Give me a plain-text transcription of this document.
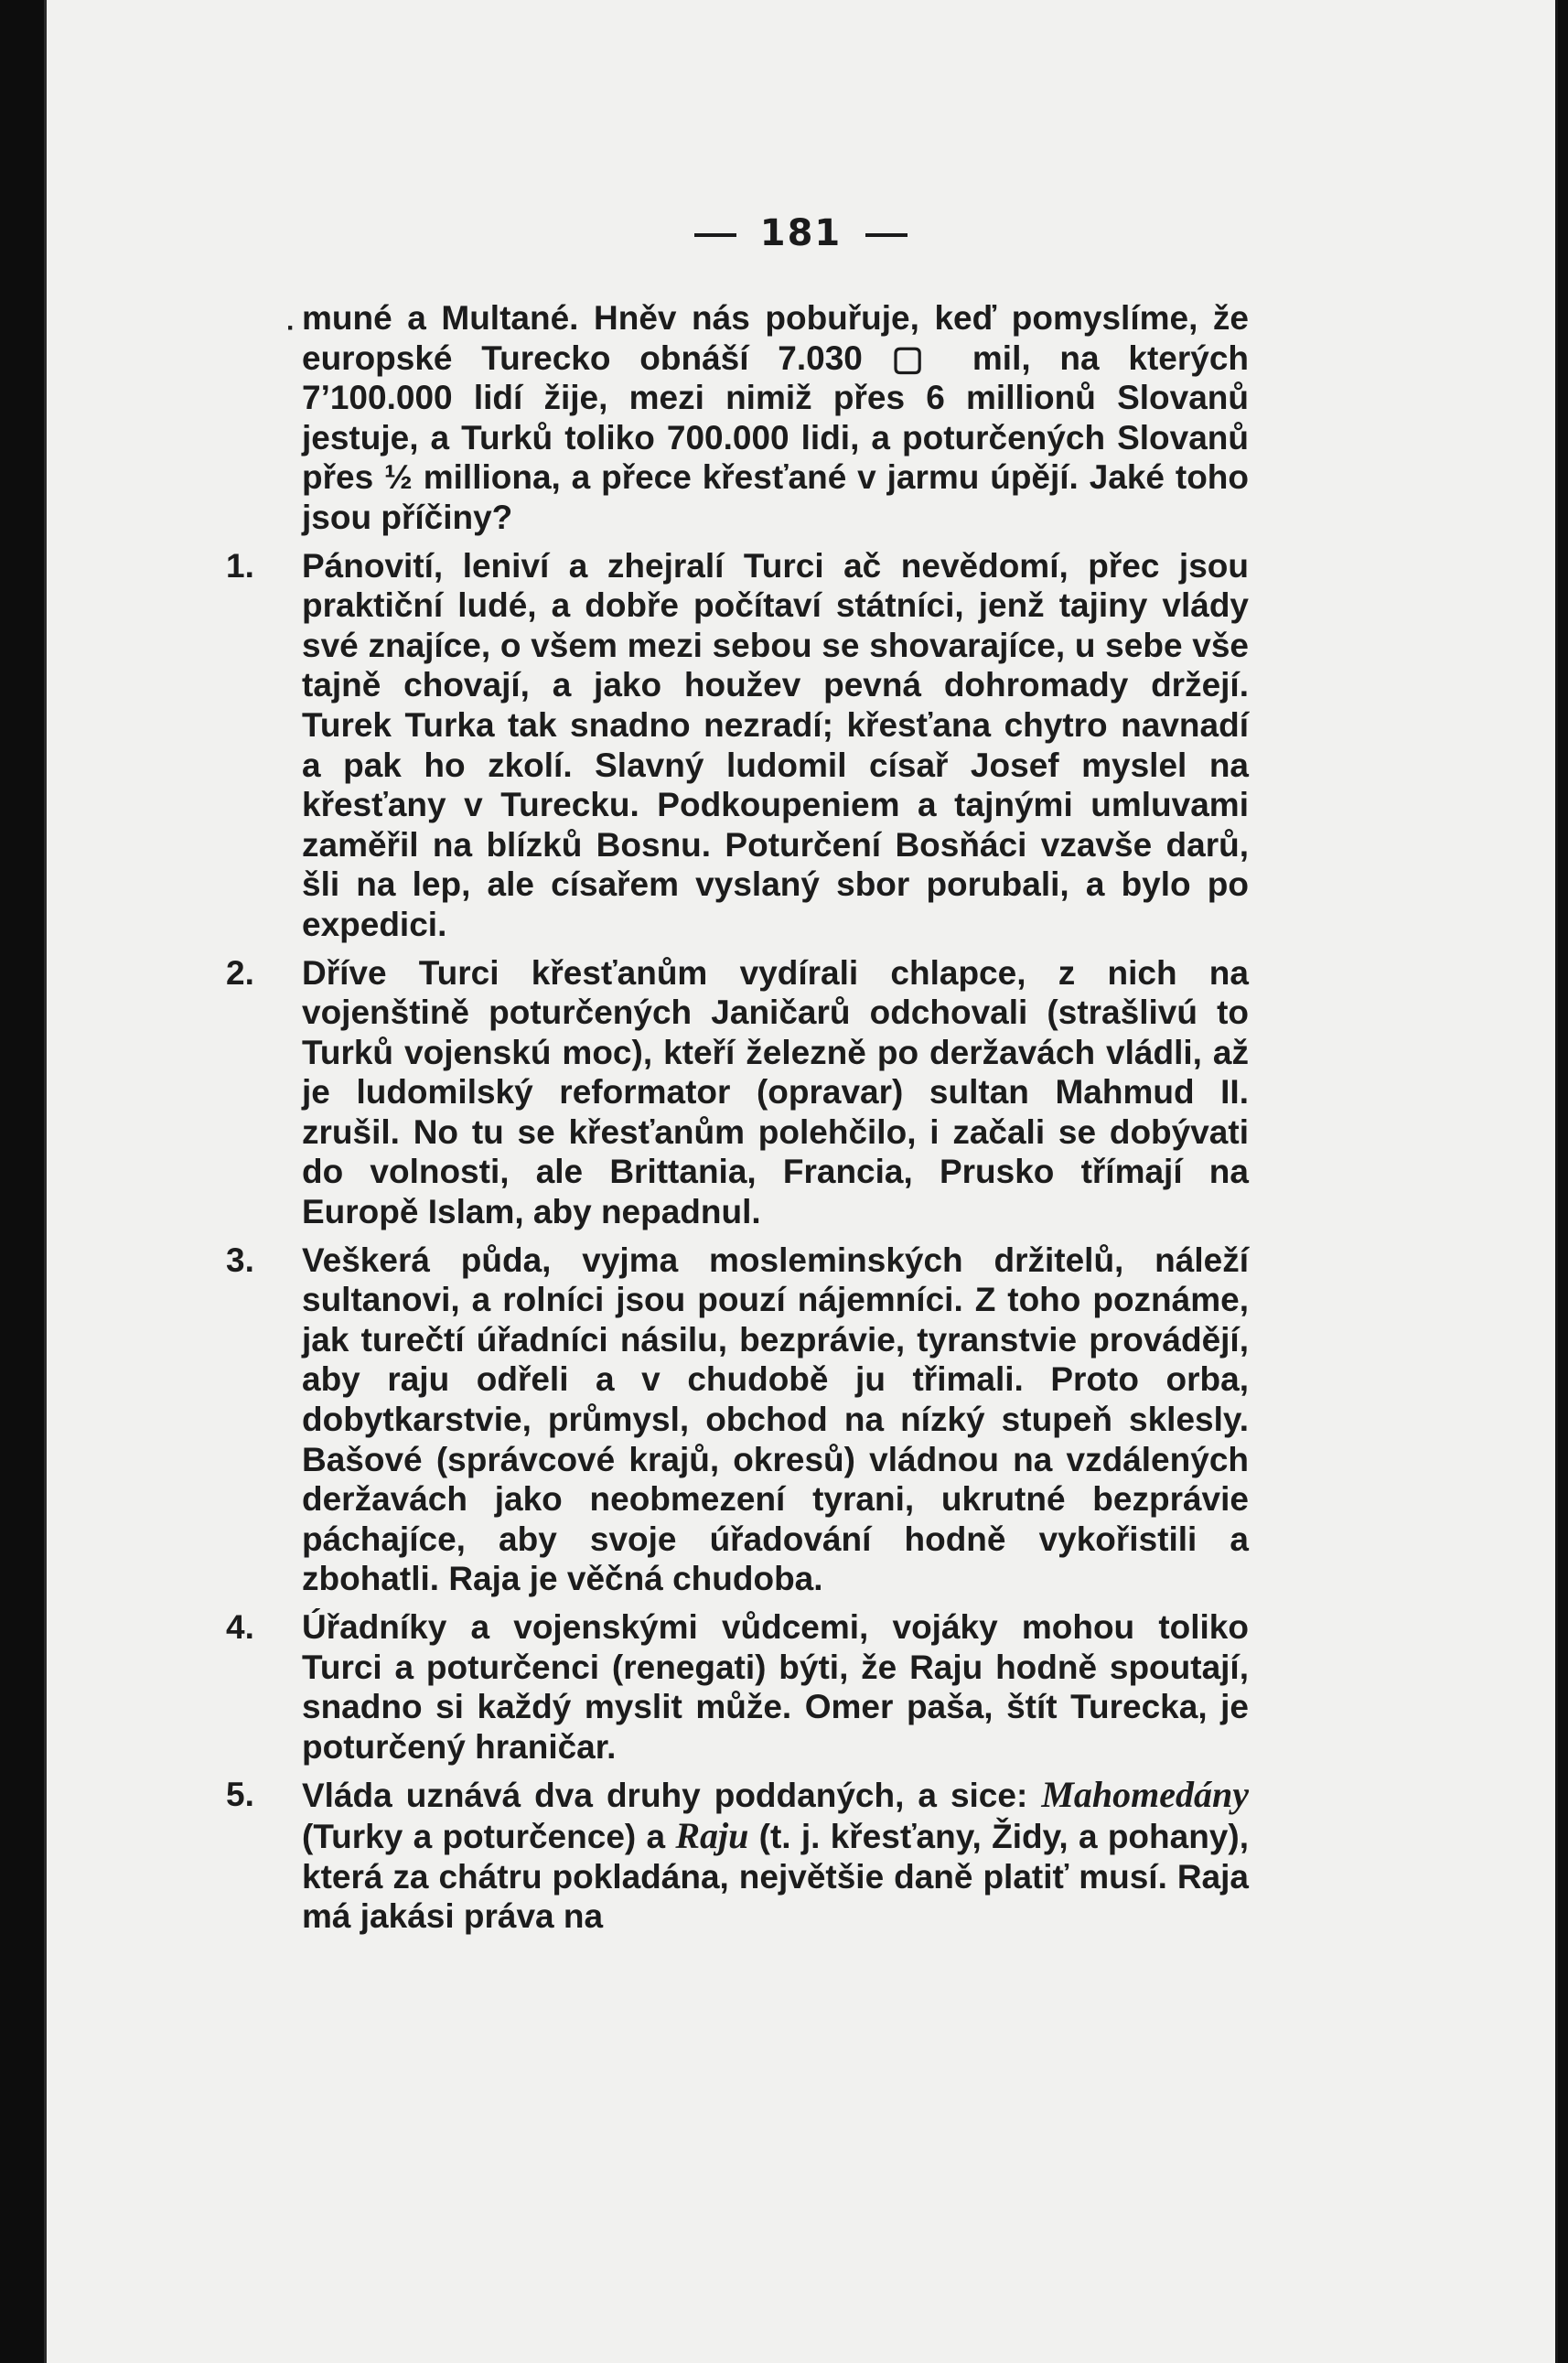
181
· muné a Multané. Hněv nás pobuřuje, keď pomyslíme, že europské Turecko obnáší 7.030 ▢ mil, na kterých 7’100.000 lidí žije, mezi nimiž přes 6 millionů Slovanů jestuje, a Turků toliko 700.000 lidi, a poturčených Slovanů přes ½ milliona, a přece křesťané v jarmu úpějí. Jaké toho jsou příčiny?

1. Pánovití, leniví a zhejralí Turci ač nevědomí, přec jsou praktiční ludé, a dobře počítaví státníci, jenž tajiny vlády své znajíce, o všem mezi sebou se shovarajíce, u sebe vše tajně chovají, a jako houžev pevná dohromady držejí. Turek Turka tak snadno nezradí; křesťana chytro navnadí a pak ho zkolí. Slavný ludomil císař Josef myslel na křesťany v Turecku. Podkoupeniem a tajnými umluvami zaměřil na blízků Bosnu. Poturčení Bosňáci vzavše darů, šli na lep, ale císařem vyslaný sbor porubali, a bylo po expedici.
2. Dříve Turci křesťanům vydírali chlapce, z nich na vojenštině poturčených Janičarů odchovali (strašlivú to Turků vojenskú moc), kteří železně po deržavách vládli, až je ludomilský reformator (opravar) sultan Mahmud II. zrušil. No tu se křesťanům polehčilo, i začali se dobývati do volnosti, ale Brittania, Francia, Prusko třímají na Europě Islam, aby nepadnul.
3. Veškerá půda, vyjma mosleminských držitelů, náleží sultanovi, a rolníci jsou pouzí nájemníci. Z toho poznáme, jak turečtí úřadníci násilu, bezprávie, tyranstvie provádějí, aby raju odřeli a v chudobě ju třimali. Proto orba, dobytkarstvie, průmysl, obchod na nízký stupeň sklesly. Bašové (správcové krajů, okresů) vládnou na vzdálených deržavách jako neobmezení tyrani, ukrutné bezprávie páchajíce, aby svoje úřadování hodně vykořistili a zbohatli. Raja je věčná chudoba.
4. Úřadníky a vojenskými vůdcemi, vojáky mohou toliko Turci a poturčenci (renegati) býti, že Raju hodně spoutají, snadno si každý myslit může. Omer paša, štít Turecka, je poturčený hraničar.
5. Vláda uznává dva druhy poddaných, a sice: Mahomedány (Turky a poturčence) a Raju (t. j. křesťany, Židy, a pohany), která za chátru pokladána, největšie daně platiť musí. Raja má jakási práva na
